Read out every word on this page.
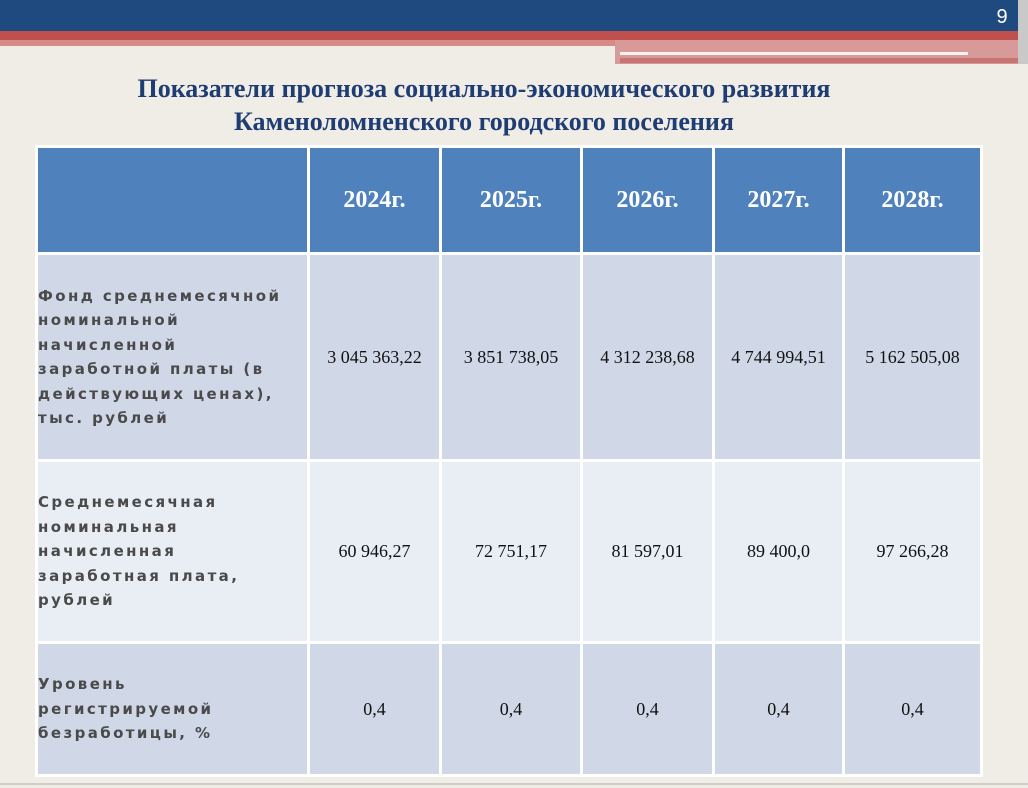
9
Показатели прогноза социально-экономического развития
Каменоломненского городского поселения
	2024г.	2025г.	2026г.	2027г.	2028г.
Фонд среднемесячной номинальной начисленной заработной платы (в действующих ценах), тыс. рублей	3 045 363,22	3 851 738,05	4 312 238,68	4 744 994,51	5 162 505,08
Среднемесячная номинальная начисленная заработная плата, рублей	60 946,27	72 751,17	81 597,01	89 400,0	97 266,28
Уровень регистрируемой безработицы, %	0,4	0,4	0,4	0,4	0,4
